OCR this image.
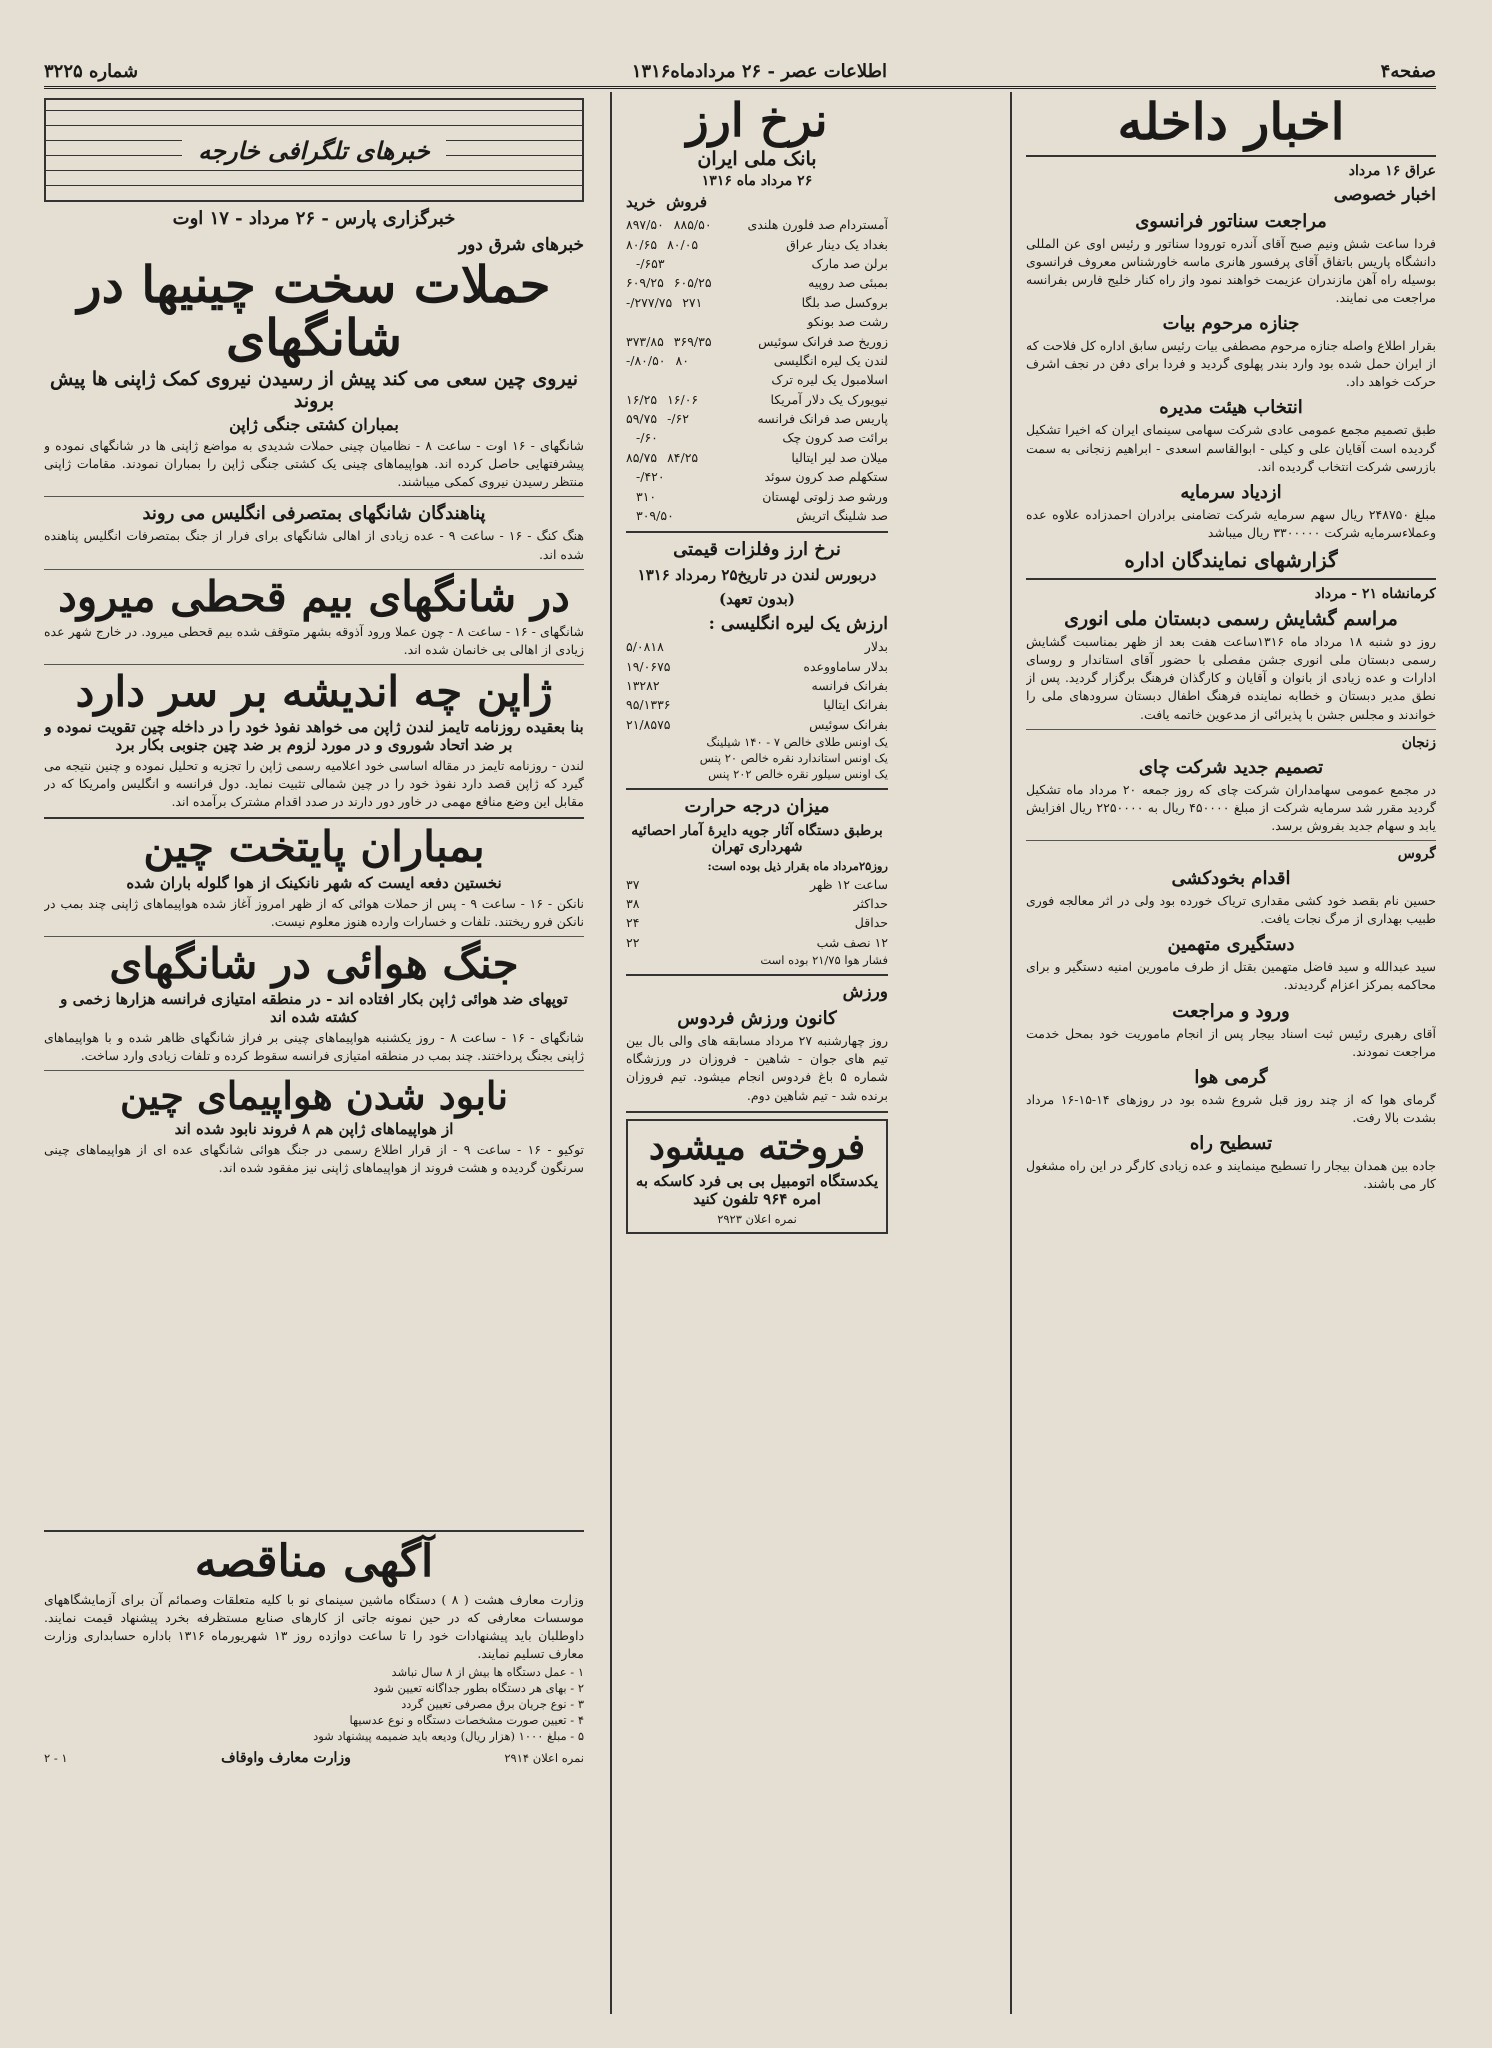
صفحه۴
اطلاعات عصر - ۲۶ مردادماه۱۳۱۶
شماره ۳۲۲۵
اخبار داخله
عراق ۱۶ مرداد
اخبار خصوصی
مراجعت سناتور فرانسوی
فردا ساعت شش ونیم صبح آقای آندره تورودا سناتور و رئیس اوی عن المللی دانشگاه پاریس باتفاق آقای پرفسور هانری ماسه خاورشناس معروف فرانسوی بوسیله راه آهن مازندران عزیمت خواهند نمود واز راه کنار خلیج فارس بفرانسه مراجعت می نمایند.
جنازه مرحوم بیات
بقرار اطلاع واصله جنازه مرحوم مصطفی بیات رئیس سابق اداره کل فلاحت که از ایران حمل شده بود وارد بندر پهلوی گردید و فردا برای دفن در نجف اشرف حرکت خواهد داد.
انتخاب هیئت مدیره
طبق تصمیم مجمع عمومی عادی شرکت سهامی سینمای ایران که اخیرا تشکیل گردیده است آقایان علی و کیلی - ابوالقاسم اسعدی - ابراهیم زنجانی به سمت بازرسی شرکت انتخاب گردیده اند.
ازدیاد سرمایه
مبلغ ۲۴۸۷۵۰ ریال سهم سرمایه شرکت تضامنی برادران احمدزاده علاوه عده وعملاءسرمایه شرکت ۳۳۰۰۰۰۰ ریال میباشد
گزارشهای نمایندگان اداره
کرمانشاه ۲۱ - مرداد
مراسم گشایش رسمی دبستان ملی انوری
روز دو شنبه ۱۸ مرداد ماه ۱۳۱۶ساعت هفت بعد از ظهر بمناسبت گشایش رسمی دبستان ملی انوری جشن مفصلی با حضور آقای استاندار و روسای ادارات و عده زیادی از بانوان و آقایان و کارگذان فرهنگ برگزار گردید. پس از نطق مدیر دبستان و خطابه نماینده فرهنگ اطفال دبستان سرودهای ملی را خواندند و مجلس جشن با پذیرائی از مدعوین خاتمه یافت.
زنجان
تصمیم جدید شرکت چای
در مجمع عمومی سهامداران شرکت چای که روز جمعه ۲۰ مرداد ماه تشکیل گردید مقرر شد سرمایه شرکت از مبلغ ۴۵۰۰۰۰ ریال به ۲۲۵۰۰۰۰ ریال افزایش یابد و سهام جدید بفروش برسد.
گروس
اقدام بخودکشی
حسین نام بقصد خود کشی مقداری تریاک خورده بود ولی در اثر معالجه فوری طبیب بهداری از مرگ نجات یافت.
دستگیری متهمین
سید عبدالله و سید فاضل متهمین بقتل از طرف مامورین امنیه دستگیر و برای محاکمه بمرکز اعزام گردیدند.
ورود و مراجعت
آقای رهبری رئیس ثبت اسناد بیجار پس از انجام ماموریت خود بمحل خدمت مراجعت نمودند.
گرمی هوا
گرمای هوا که از چند روز قبل شروع شده بود در روزهای ۱۴-۱۵-۱۶ مرداد بشدت بالا رفت.
تسطیح راه
جاده بین همدان بیجار را تسطیح مینمایند و عده زیادی کارگر در این راه مشغول کار می باشند.
نرخ ارز
بانک ملی ایران
۲۶ مرداد ماه ۱۳۱۶
فروش  خرید
آمستردام صد فلورن هلندی
۸۹۷/۵۰ ۸۸۵/۵۰
بغداد یک دینار عراق
۸۰/۶۵ ۸۰/۰۵
برلن صد مارک
۶۵۳/-
بمبئی صد روپیه
۶۰۹/۲۵ ۶۰۵/۲۵
بروکسل صد بلگا
۲۷۷/۷۵۲۷۱/-
رشت صد بونکو
زوریخ صد فرانک سوئیس
۳۷۳/۸۵ ۳۶۹/۳۵
لندن یک لیره انگلیسی
۸۰/۵۰۸۰/-
اسلامبول یک لیره ترک
نیویورک یک دلار آمریکا
۱۶/۲۵ ۱۶/۰۶
پاریس صد فرانک فرانسه
۶۲/-۵۹/۷۵
برائت صد کرون چک
۶۰/-
میلان صد لیر ایتالیا
۸۵/۷۵ ۸۴/۲۵
ستکهلم صد کرون سوئد
۴۲۰/-
ورشو صد زلوتی لهستان
۳۱۰
صد شلینگ اتریش
۳۰۹/۵۰
نرخ ارز وفلزات قیمتی
دربورس لندن در تاریخ۲۵ رمرداد ۱۳۱۶
(بدون تعهد)
ارزش یک لیره انگلیسی :
بدلار
۵/۰۸۱۸
بدلار ساماووعده
۱۹/۰۶۷۵
بفرانک فرانسه
۱۳۲۸۲
بفرانک ایتالیا
۹۵/۱۳۳۶
بفرانک سوئیس
۲۱/۸۵۷۵
یک اونس طلای خالص ۷ - ۱۴۰ شیلینگ
یک اونس استاندارد نقره خالص ۲۰ پنس
یک اونس سیلور نقره خالص ۲۰۲ پنس
میزان درجه حرارت
برطبق دستگاه آثار جویه دایرهٔ آمار احصائیه شهرداری تهران
روز۲۵مرداد ماه بقرار ذیل بوده است:
ساعت ۱۲ ظهر
۳۷
حداکثر
۳۸
حداقل
۲۴
۱۲ نصف شب
۲۲
فشار هوا ۲۱/۷۵ بوده است
ورزش
کانون ورزش فردوس
روز چهارشنبه ۲۷ مرداد مسابقه های والی بال بین تیم های جوان - شاهین - فروزان در ورزشگاه شماره ۵ باغ فردوس انجام میشود. تیم فروزان برنده شد - تیم شاهین دوم.
فروخته میشود
یکدستگاه اتومبیل بی بی فرد کاسکه به امره ۹۶۴ تلفون کنید
نمره اعلان ۲۹۲۳
خبرهای تلگرافی خارجه
خبرگزاری پارس - ۲۶ مرداد - ۱۷ اوت
خبرهای شرق دور
حملات سخت چینیها در شانگهای
نیروی چین سعی می کند پیش از رسیدن نیروی کمک ژاپنی ها پیش بروند
بمباران کشتی جنگی ژاپن
شانگهای - ۱۶ اوت - ساعت ۸ - نظامیان چینی حملات شدیدی به مواضع ژاپنی ها در شانگهای نموده و پیشرفتهایی حاصل کرده اند. هواپیماهای چینی یک کشتی جنگی ژاپن را بمباران نمودند. مقامات ژاپنی منتظر رسیدن نیروی کمکی میباشند.
پناهندگان شانگهای بمتصرفی انگلیس می روند
هنگ کنگ - ۱۶ - ساعت ۹ - عده زیادی از اهالی شانگهای برای فرار از جنگ بمتصرفات انگلیس پناهنده شده اند.
در شانگهای بیم قحطی میرود
شانگهای - ۱۶ - ساعت ۸ - چون عملا ورود آذوقه بشهر متوقف شده بیم قحطی میرود. در خارج شهر عده زیادی از اهالی بی خانمان شده اند.
ژاپن چه اندیشه بر سر دارد
بنا بعقیده روزنامه تایمز لندن ژاپن می خواهد نفوذ خود را در داخله چین تقویت نموده و بر ضد اتحاد شوروی و در مورد لزوم بر ضد چین جنوبی بکار برد
لندن - روزنامه تایمز در مقاله اساسی خود اعلامیه رسمی ژاپن را تجزیه و تحلیل نموده و چنین نتیجه می گیرد که ژاپن قصد دارد نفوذ خود را در چین شمالی تثبیت نماید. دول فرانسه و انگلیس وامریکا که در مقابل این وضع منافع مهمی در خاور دور دارند در صدد اقدام مشترک برآمده اند.
بمباران پایتخت چین
نخستین دفعه ایست که شهر نانکینک از هوا گلوله باران شده
نانکن - ۱۶ - ساعت ۹ - پس از حملات هوائی که از ظهر امروز آغاز شده هواپیماهای ژاپنی چند بمب در نانکن فرو ریختند. تلفات و خسارات وارده هنوز معلوم نیست.
جنگ هوائی در شانگهای
توپهای ضد هوائی ژاپن بکار افتاده اند - در منطقه امتیازی فرانسه هزارها زخمی و کشته شده اند
شانگهای - ۱۶ - ساعت ۸ - روز یکشنبه هواپیماهای چینی بر فراز شانگهای ظاهر شده و با هواپیماهای ژاپنی بجنگ پرداختند. چند بمب در منطقه امتیازی فرانسه سقوط کرده و تلفات زیادی وارد ساخت.
نابود شدن هواپیمای چین
از هواپیماهای ژاپن هم ۸ فروند نابود شده اند
توکیو - ۱۶ - ساعت ۹ - از قرار اطلاع رسمی در جنگ هوائی شانگهای عده ای از هواپیماهای چینی سرنگون گردیده و هشت فروند از هواپیماهای ژاپنی نیز مفقود شده اند.
آگهی مناقصه
وزارت معارف هشت ( ۸ ) دستگاه ماشین سینمای نو با کلیه متعلقات وصمائم آن برای آزمایشگاههای موسسات معارفی که در حین نمونه جاتی از کارهای صنایع مستظرفه بخرد پیشنهاد قیمت نمایند. داوطلبان باید پیشنهادات خود را تا ساعت دوازده روز ۱۳ شهریورماه ۱۳۱۶ باداره حسابداری وزارت معارف تسلیم نمایند.
۱ - عمل دستگاه ها بیش از ۸ سال نباشد
۲ - بهای هر دستگاه بطور جداگانه تعیین شود
۳ - نوع جریان برق مصرفی تعیین گردد
۴ - تعیین صورت مشخصات دستگاه و نوع عدسیها
۵ - مبلغ ۱۰۰۰ (هزار ریال) ودیعه باید ضمیمه پیشنهاد شود
نمره اعلان ۲۹۱۴
وزارت معارف واوقاف
۱ - ۲
